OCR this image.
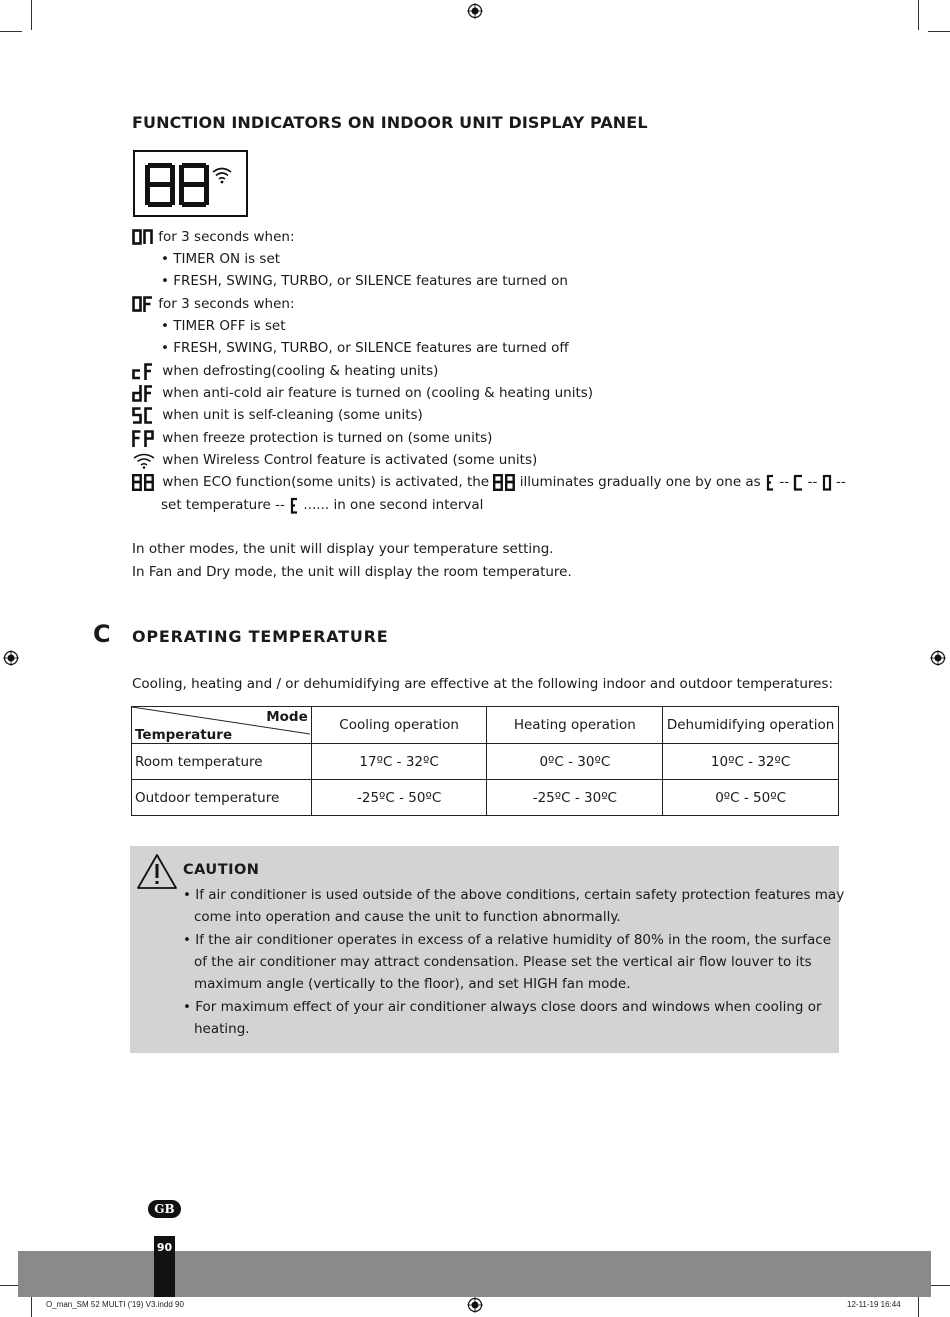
FUNCTION INDICATORS ON INDOOR UNIT DISPLAY PANEL
for 3 seconds when:
• TIMER ON is set
• FRESH, SWING, TURBO, or SILENCE features are turned on
for 3 seconds when:
• TIMER OFF is set
• FRESH, SWING, TURBO, or SILENCE features are turned off
when defrosting(cooling & heating units)
when anti-cold air feature is turned on (cooling & heating units)
when unit is self-cleaning (some units)
when freeze protection is turned on (some units)
when Wireless Control feature is activated (some units)
when ECO function(some units) is activated, the illuminates gradually one by one as -- -- --
set temperature -- ...... in one second interval
In other modes, the unit will display your temperature setting.
In Fan and Dry mode, the unit will display the room temperature.
C OPERATING TEMPERATURE
Cooling, heating and / or dehumidifying are effective at the following indoor and outdoor temperatures:
Mode
Temperature	Cooling operation	Heating operation	Dehumidifying operation
Room temperature	17ºC - 32ºC	0ºC - 30ºC	10ºC - 32ºC
Outdoor temperature	-25ºC - 50ºC	-25ºC - 30ºC	0ºC - 50ºC
CAUTION
• If air conditioner is used outside of the above conditions, certain safety protection features may
come into operation and cause the unit to function abnormally.
• If the air conditioner operates in excess of a relative humidity of 80% in the room, the surface
of the air conditioner may attract condensation. Please set the vertical air flow louver to its
maximum angle (vertically to the floor), and set HIGH fan mode.
• For maximum effect of your air conditioner always close doors and windows when cooling or
heating.
GB
90
O_man_SM 52 MULTI ('19) V3.indd 90	12-11-19 16:44
